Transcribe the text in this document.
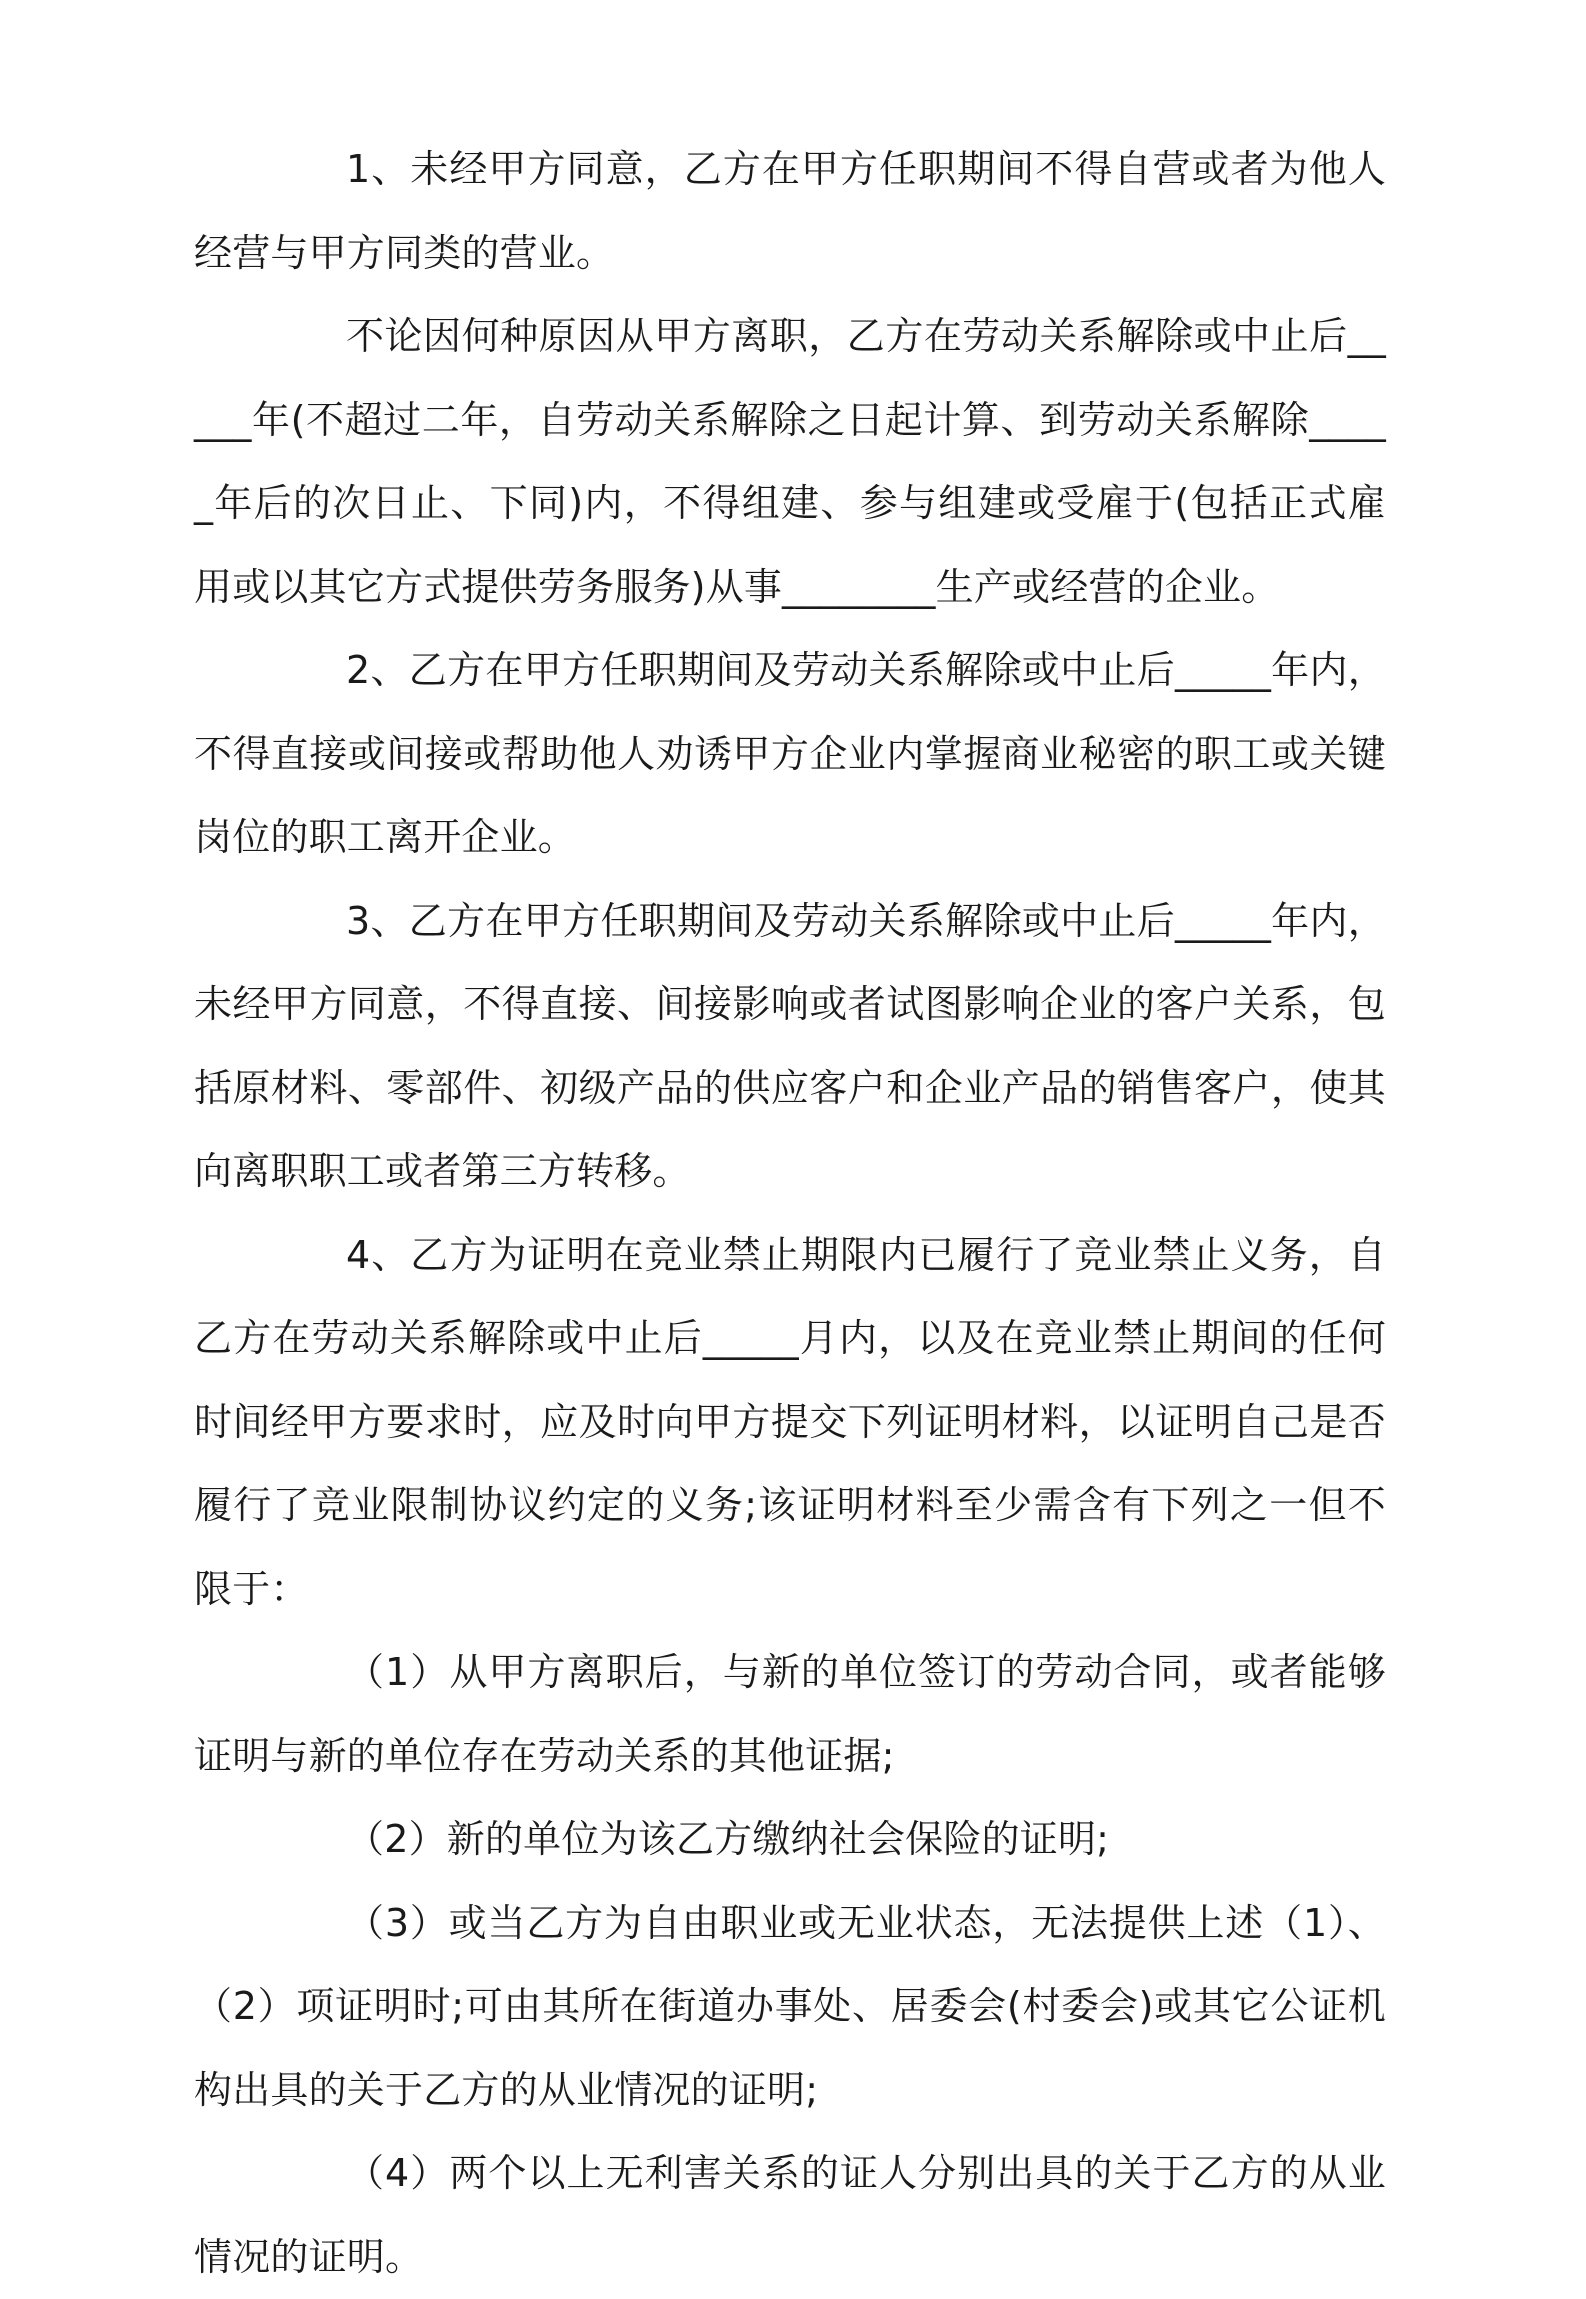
1、未经甲方同意，乙方在甲方任职期间不得自营或者为他人经营与甲方同类的营业。

不论因何种原因从甲方离职，乙方在劳动关系解除或中止后_____年(不超过二年，自劳动关系解除之日起计算、到劳动关系解除_____年后的次日止、下同)内，不得组建、参与组建或受雇于(包括正式雇用或以其它方式提供劳务服务)从事________生产或经营的企业。

2、乙方在甲方任职期间及劳动关系解除或中止后_____年内，不得直接或间接或帮助他人劝诱甲方企业内掌握商业秘密的职工或关键岗位的职工离开企业。

3、乙方在甲方任职期间及劳动关系解除或中止后_____年内，未经甲方同意，不得直接、间接影响或者试图影响企业的客户关系，包括原材料、零部件、初级产品的供应客户和企业产品的销售客户，使其向离职职工或者第三方转移。

4、乙方为证明在竞业禁止期限内已履行了竞业禁止义务，自乙方在劳动关系解除或中止后_____月内，以及在竞业禁止期间的任何时间经甲方要求时，应及时向甲方提交下列证明材料，以证明自己是否履行了竞业限制协议约定的义务;该证明材料至少需含有下列之一但不限于：

（1）从甲方离职后，与新的单位签订的劳动合同，或者能够证明与新的单位存在劳动关系的其他证据;

（2）新的单位为该乙方缴纳社会保险的证明;

（3）或当乙方为自由职业或无业状态，无法提供上述（1）、（2）项证明时;可由其所在街道办事处、居委会(村委会)或其它公证机构出具的关于乙方的从业情况的证明;

（4）两个以上无利害关系的证人分别出具的关于乙方的从业情况的证明。
